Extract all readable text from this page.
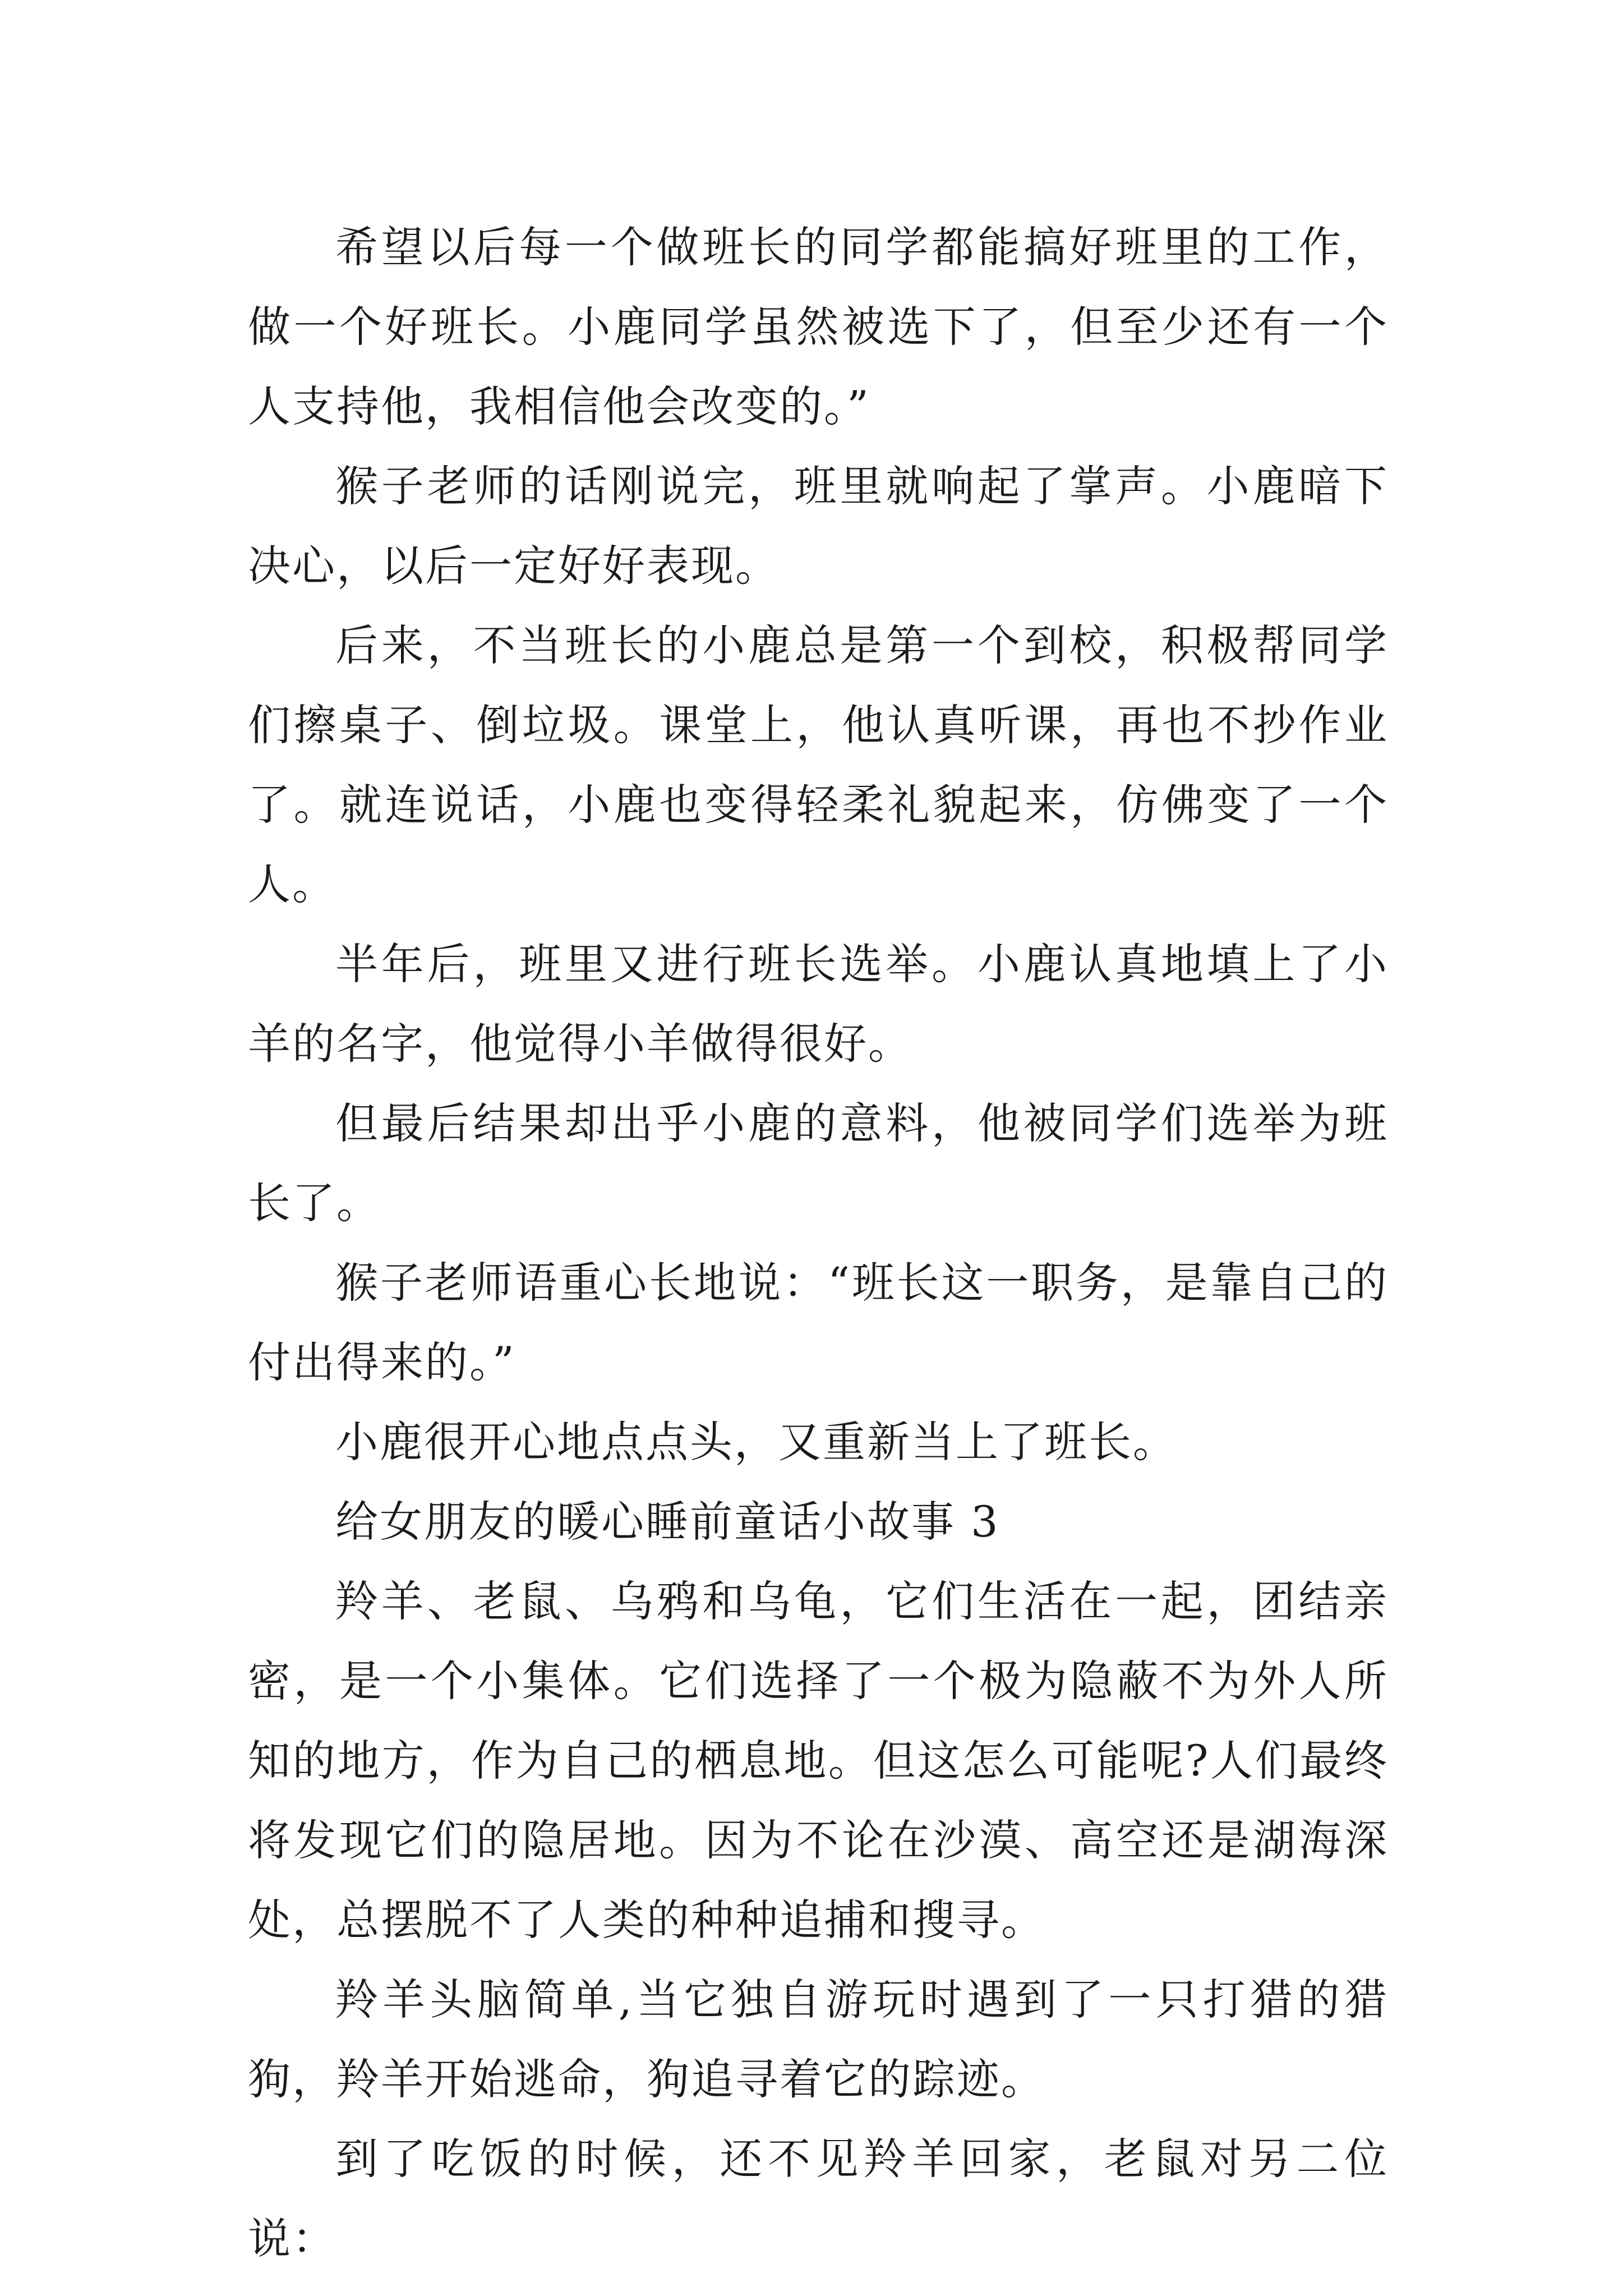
希望以后每一个做班长的同学都能搞好班里的工作，做一个好班长。小鹿同学虽然被选下了，但至少还有一个人支持他，我相信他会改变的。”

猴子老师的话刚说完，班里就响起了掌声。小鹿暗下决心，以后一定好好表现。

后来，不当班长的小鹿总是第一个到校，积极帮同学们擦桌子、倒垃圾。课堂上，他认真听课，再也不抄作业了。就连说话，小鹿也变得轻柔礼貌起来，仿佛变了一个人。

半年后，班里又进行班长选举。小鹿认真地填上了小羊的名字，他觉得小羊做得很好。

但最后结果却出乎小鹿的意料，他被同学们选举为班长了。

猴子老师语重心长地说：“班长这一职务，是靠自己的付出得来的。”

小鹿很开心地点点头，又重新当上了班长。

给女朋友的暖心睡前童话小故事 3

羚羊、老鼠、乌鸦和乌龟，它们生活在一起，团结亲密，是一个小集体。它们选择了一个极为隐蔽不为外人所知的地方，作为自己的栖息地。但这怎么可能呢?人们最终将发现它们的隐居地。因为不论在沙漠、高空还是湖海深处，总摆脱不了人类的种种追捕和搜寻。

羚羊头脑简单,当它独自游玩时遇到了一只打猎的猎狗，羚羊开始逃命，狗追寻着它的踪迹。

到了吃饭的时候，还不见羚羊回家，老鼠对另二位说：
